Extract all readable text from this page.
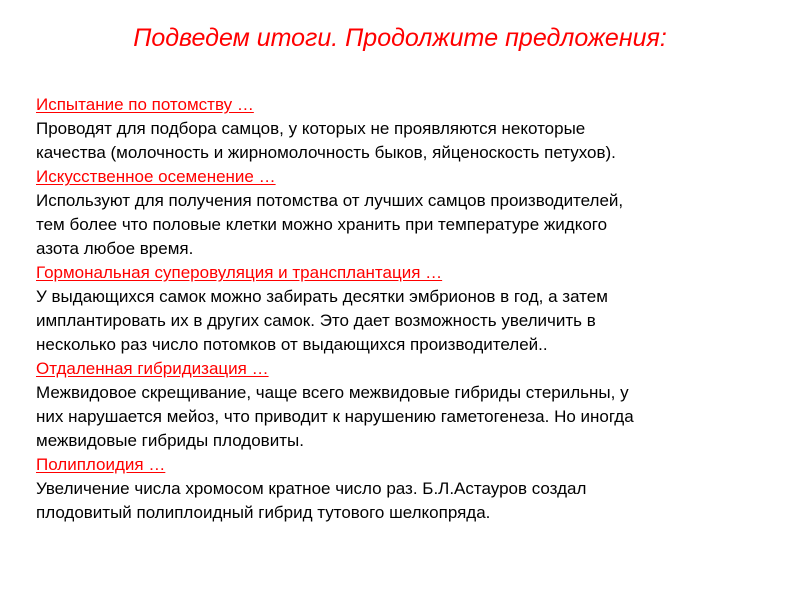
Подведем итоги. Продолжите предложения:
Испытание по потомству …
Проводят для подбора самцов, у которых не проявляются некоторые
качества (молочность и жирномолочность быков, яйценоскость петухов).
Искусственное осеменение …
Используют для получения потомства от лучших самцов производителей,
тем более что половые клетки можно хранить при температуре жидкого
азота любое время.
Гормональная суперовуляция и трансплантация …
У выдающихся самок можно забирать десятки эмбрионов в год, а затем
имплантировать их в других самок. Это дает возможность увеличить в
несколько раз число потомков от выдающихся производителей..
Отдаленная гибридизация …
Межвидовое скрещивание, чаще всего межвидовые гибриды стерильны, у
них нарушается мейоз, что приводит к нарушению гаметогенеза. Но иногда
межвидовые гибриды плодовиты.
Полиплоидия …
Увеличение числа хромосом кратное число раз. Б.Л.Астауров создал
плодовитый полиплоидный гибрид тутового шелкопряда.
